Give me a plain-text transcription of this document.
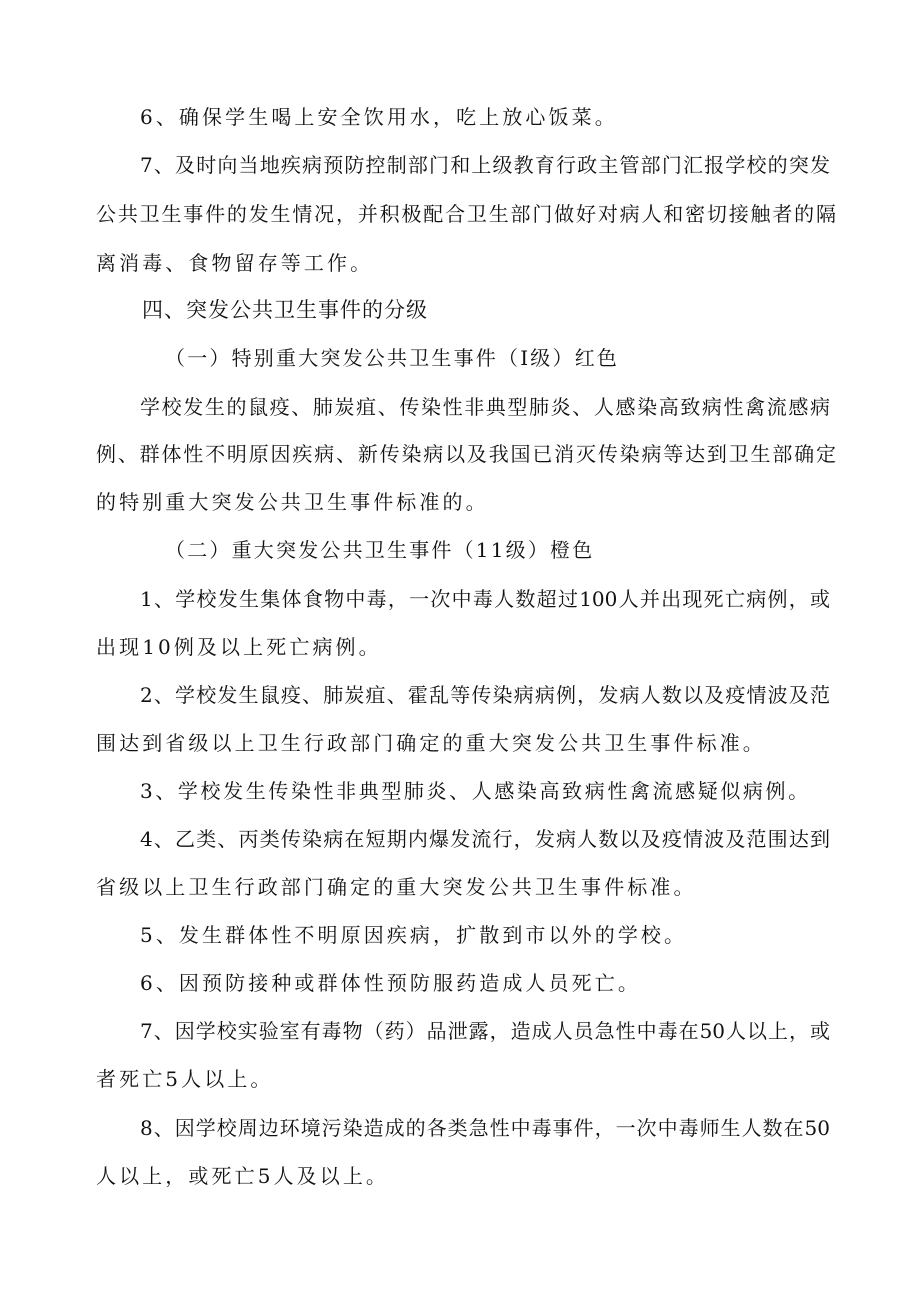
6、确保学生喝上安全饮用水，吃上放心饭菜。
7、及时向当地疾病预防控制部门和上级教育行政主管部门汇报学校的突发
公共卫生事件的发生情况，并积极配合卫生部门做好对病人和密切接触者的隔
离消毒、食物留存等工作。
四、突发公共卫生事件的分级
（一）特别重大突发公共卫生事件（I级）红色
学校发生的鼠疫、肺炭疽、传染性非典型肺炎、人感染高致病性禽流感病
例、群体性不明原因疾病、新传染病以及我国已消灭传染病等达到卫生部确定
的特别重大突发公共卫生事件标准的。
（二）重大突发公共卫生事件（11级）橙色
1、学校发生集体食物中毒，一次中毒人数超过100人并出现死亡病例，或
出现10例及以上死亡病例。
2、学校发生鼠疫、肺炭疽、霍乱等传染病病例，发病人数以及疫情波及范
围达到省级以上卫生行政部门确定的重大突发公共卫生事件标准。
3、学校发生传染性非典型肺炎、人感染高致病性禽流感疑似病例。
4、乙类、丙类传染病在短期内爆发流行，发病人数以及疫情波及范围达到
省级以上卫生行政部门确定的重大突发公共卫生事件标准。
5、发生群体性不明原因疾病，扩散到市以外的学校。
6、因预防接种或群体性预防服药造成人员死亡。
7、因学校实验室有毒物（药）品泄露，造成人员急性中毒在50人以上，或
者死亡5人以上。
8、因学校周边环境污染造成的各类急性中毒事件，一次中毒师生人数在50
人以上，或死亡5人及以上。
